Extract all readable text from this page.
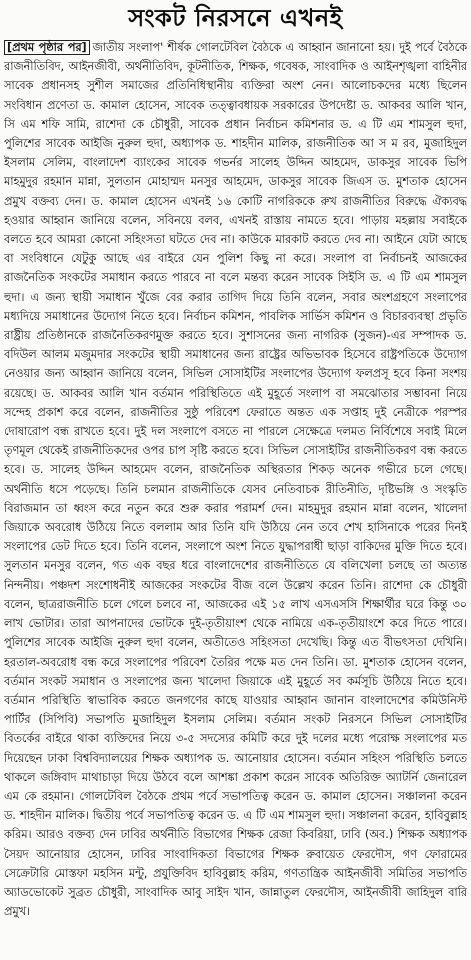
সংকট নিরসনে এখনই

[প্রথম পৃষ্ঠার পর] জাতীয় সংলাপ' শীর্ষক গোলটেবিল বৈঠকে এ আহ্বান জানানো হয়। দুই পর্বে বৈঠকে রাজনীতিবিদ, আইনজীবী, অর্থনীতিবিদ, কূটনীতিক, শিক্ষক, গবেষক, সাংবাদিক ও আইনশৃঙ্খলা বাহিনীর সাবেক প্রধানসহ সুশীল সমাজের প্রতিনিধিস্থানীয় ব্যক্তিরা অংশ নেন। আলোচকদের মধ্যে ছিলেন সংবিধান প্রণেতা ড. কামাল হোসেন, সাবেক তত্ত্বাবধায়ক সরকারের উপদেষ্টা ড. আকবর আলি খান, সি এম শফি সামি, রাশেদা কে চৌধুরী, সাবেক প্রধান নির্বাচন কমিশনার ড. এ টি এম শামসুল হুদা, পুলিশের সাবেক আইজি নুরুল হুদা, অধ্যাপক ড. শাহদীন মালিক, রাজনীতিক আ স ম রব, মুজাহিদুল ইসলাম সেলিম, বাংলাদেশ ব্যাংকের সাবেক গভর্নর সালেহ উদ্দিন আহমেদ, ডাকসুর সাবেক ভিপি মাহমুদুর রহমান মান্না, সুলতান মোহাম্মদ মনসুর আহমেদ, ডাকসুর সাবেক জিএস ড. মুশতাক হোসেন প্রমুখ বক্তব্য দেন। ড. কামাল হোসেন এখনই ১৬ কোটি নাগরিককে রুখ রাজনীতির বিরুদ্ধে ঐক্যবদ্ধ হওয়ার আহ্বান জানিয়ে বলেন, সবিনয়ে বলব, এখনই রাস্তায় নামতে হবে। পাড়ায় মহল্লায় সবাইকে বলতে হবে আমরা কোনো সহিংসতা ঘটতে দেব না। কাউকে মারকাট করতে দেব না। আইনে যেটা আছে বা সংবিধানে যেটুকু আছে এর বাইরে যেন পুলিশ কিছু না করে। সংলাপ বা নির্বাচনই আজকের রাজনৈতিক সংকটের সমাধান করতে পারবে না বলে মন্তব্য করেন সাবেক সিইসি ড. এ টি এম শামসুল হুদা। এ জন্য স্থায়ী সমাধান খুঁজে বের করার তাগিদ দিয়ে তিনি বলেন, সবার অংশগ্রহণে সংলাপের মধ্যদিয়ে সমাধানের উদ্যোগ নিতে হবে। নির্বাচন কমিশন, পাবলিক সার্ভিস কমিশন ও বিচারব্যবস্থা প্রভৃতি রাষ্ট্রীয় প্রতিষ্ঠানকে রাজনৈতিকরণমুক্ত করতে হবে। সুশাসনের জন্য নাগরিক (সুজন)-এর সম্পাদক ড. বদিউল আলম মজুমদার সংকটের স্থায়ী সমাধানের জন্য রাষ্ট্রের অভিভাবক হিসেবে রাষ্ট্রপতিকে উদ্যোগ নেওয়ার জন্য আহ্বান জানিয়ে বলেন, সিভিল সোসাইটির সংলাপের উদ্যোগ ফলপ্রসূ হবে কিনা সংশয় রয়েছে। ড. আকবর আলি খান বর্তমান পরিস্থিতিতে এই মুহূর্তে সংলাপ বা সমঝোতার সম্ভাবনা নিয়ে সন্দেহ প্রকাশ করে বলেন, রাজনীতির সুষ্ঠু পরিবেশ ফেরাতে অন্তত এক সপ্তাহ দুই নেত্রীকে পরস্পর দোষারোপ বন্ধ রাখতে হবে। দুই দল সংলাপে বসতে না পারলে সেক্ষেত্রে দলমত নির্বিশেষে সবাই মিলে তৃণমূল থেকেই রাজনীতিকদের ওপর চাপ সৃষ্টি করতে হবে। সিভিল সোসাইটির রাজনীতিকরণ বন্ধ করতে হবে। ড. সালেহ উদ্দিন আহমেদ বলেন, রাজনৈতিক অস্থিরতার শিকড় অনেক গভীরে চলে গেছে। অর্থনীতি ধসে পড়েছে। তিনি চলমান রাজনীতিকে যেসব নেতিবাচক রীতিনীতি, দৃষ্টিভঙ্গি ও সংস্কৃতি বিরাজমান তা ধ্বংস করে নতুন করে শুরু করার পরামর্শ দেন। মাহমুদুর রহমান মান্না বলেন, খালেদা জিয়াকে অবরোধ উঠিয়ে নিতে বললাম আর তিনি যদি উঠিয়ে নেন তবে শেখ হাসিনাকে পরের দিনই সংলাপের ডেট দিতে হবে। তিনি বলেন, সংলাপে অংশ নিতে যুদ্ধাপরাধী ছাড়া বাকিদের মুক্তি দিতে হবে। সুলতান মনসুর বলেন, গত এক বছর ধরে বাংলাদেশের রাজনীতিতে যে বলিখেলা চলছে তা অত্যন্ত নিন্দনীয়। পঞ্চদশ সংশোধনীই আজকের সংকটের বীজ বলে উল্লেখ করেন তিনি। রাশেদা কে চৌধুরী বলেন, ছাত্ররাজনীতি চলে গেলে চলবে না, আজকের এই ১৫ লাখ এসএসসি শিক্ষার্থীর ঘরে কিন্তু ৩০ লাখ ভোটার। তারা আপনাদের ভোটকে দুই-তৃতীয়াংশ থেকে নামিয়ে এক-তৃতীয়াংশে করে দিতে পারে। পুলিশের সাবেক আইজি নুরুল হুদা বলেন, অতীতেও সহিংসতা দেখেছি। কিন্তু এত বীভৎসতা দেখিনি। হরতাল-অবরোধ বন্ধ করে সংলাপের পরিবেশ তৈরির পক্ষে মত দেন তিনি। ডা. মুশতাক হোসেন বলেন, বর্তমান সংকট সমাধান ও সংলাপের জন্য খালেদা জিয়াকে এই মুহূর্তে সব কর্মসূচি উঠিয়ে নিতে হবে। বর্তমান পরিস্থিতি স্বাভাবিক করতে জনগণের কাছে যাওয়ার আহ্বান জানান বাংলাদেশের কমিউনিস্ট পার্টির (সিপিবি) সভাপতি মুজাহিদুল ইসলাম সেলিম। বর্তমান সংকট নিরসনে সিভিল সোসাইটির বিতর্কের বাইরে থাকা ব্যক্তিদের নিয়ে ৩-৫ সদস্যের কমিটি করে দুই দলের মধ্যে পরোক্ষ সংলাপের মত দিয়েছেন ঢাকা বিশ্ববিদ্যালয়ের শিক্ষক অধ্যাপক ড. আনোয়ার হোসেন। বর্তমান সহিংস পরিস্থিতি চলতে থাকলে জঙ্গিবাদ মাথাচাড়া দিয়ে উঠবে বলে আশঙ্কা প্রকাশ করেন সাবেক অতিরিক্ত অ্যাটর্নি জেনারেল এম কে রহমান। গোলটেবিল বৈঠকে প্রথম পর্বে সভাপতিত্ব করেন ড. কামাল হোসেন। সঞ্চালনা করেন ড. শাহদীন মালিক। দ্বিতীয় পর্বে সভাপতিত্ব করেন ড. এ টি এম শামসুল হুদা। সঞ্চালনা করেন, হাবিবুল্লাহ করিম। আরও বক্তব্য দেন ঢাবির অর্থনীতি বিভাগের শিক্ষক রেজা কিবরিয়া, ঢাবি (অব.) শিক্ষক অধ্যাপক সৈয়দ আনোয়ার হোসেন, ঢাবির সাংবাদিকতা বিভাগের শিক্ষক রুবায়েত ফেরদৌস, গণ ফোরামের সেক্রেটারি মোস্তফা মহসিন মন্টু, প্রযুক্তিবিদ হাবিবুল্লাহ করিম, গণতান্ত্রিক আইনজীবী সমিতির সভাপতি অ্যাডভোকেট সুব্রত চৌধুরী, সাংবাদিক আবু সাইদ খান, জান্নাতুল ফেরদৌস, আইনজীবী জাহিদুল বারি প্রমুখ।
